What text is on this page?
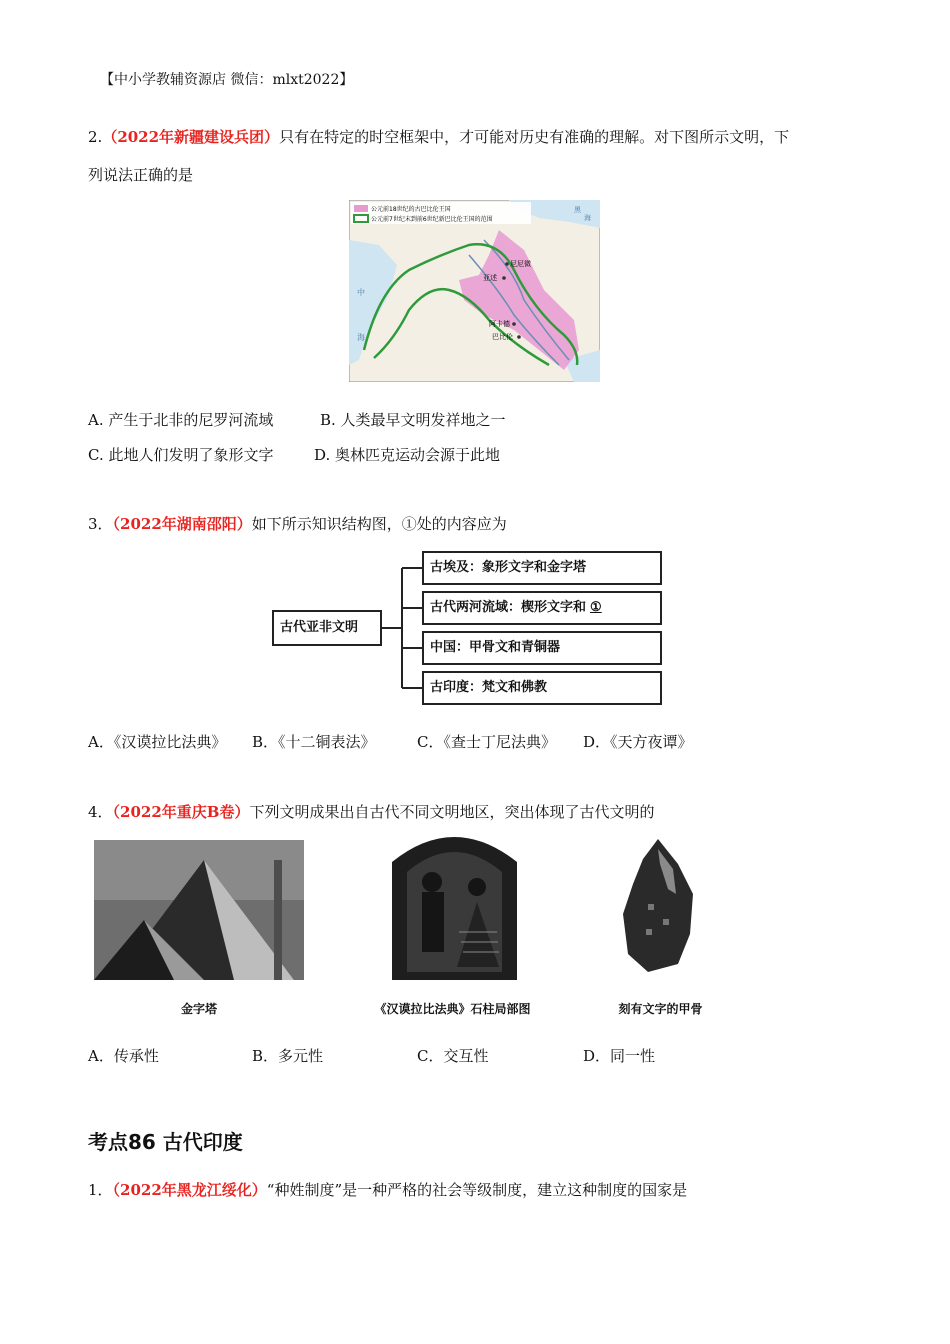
【中小学教辅资源店 微信：mlxt2022】
2.（2022年新疆建设兵团）只有在特定的时空框架中，才可能对历史有准确的理解。对下图所示文明，下
列说法正确的是
公元前18世纪的古巴比伦王国
公元前7世纪末到前6世纪新巴比伦王国的范围
中
海
黑
海
尼尼微
亚述
阿卡德
巴比伦
A. 产生于北非的尼罗河流域	B. 人类最早文明发祥地之一
C. 此地人们发明了象形文字	D. 奥林匹克运动会源于此地
3．（2022年湖南邵阳）如下所示知识结构图，①处的内容应为
古代亚非文明
古埃及：象形文字和金字塔
古代两河流域：楔形文字和 ①
中国：甲骨文和青铜器
古印度：梵文和佛教
A．《汉谟拉比法典》 B．《十二铜表法》	C．《查士丁尼法典》 D．《天方夜谭》
4．（2022年重庆B卷）下列文明成果出自古代不同文明地区，突出体现了古代文明的
金字塔	《汉谟拉比法典》石柱局部图	刻有文字的甲骨
A．传承性	B．多元性	C．交互性	D．同一性
考点86 古代印度
1．（2022年黑龙江绥化）“种姓制度”是一种严格的社会等级制度，建立这种制度的国家是
